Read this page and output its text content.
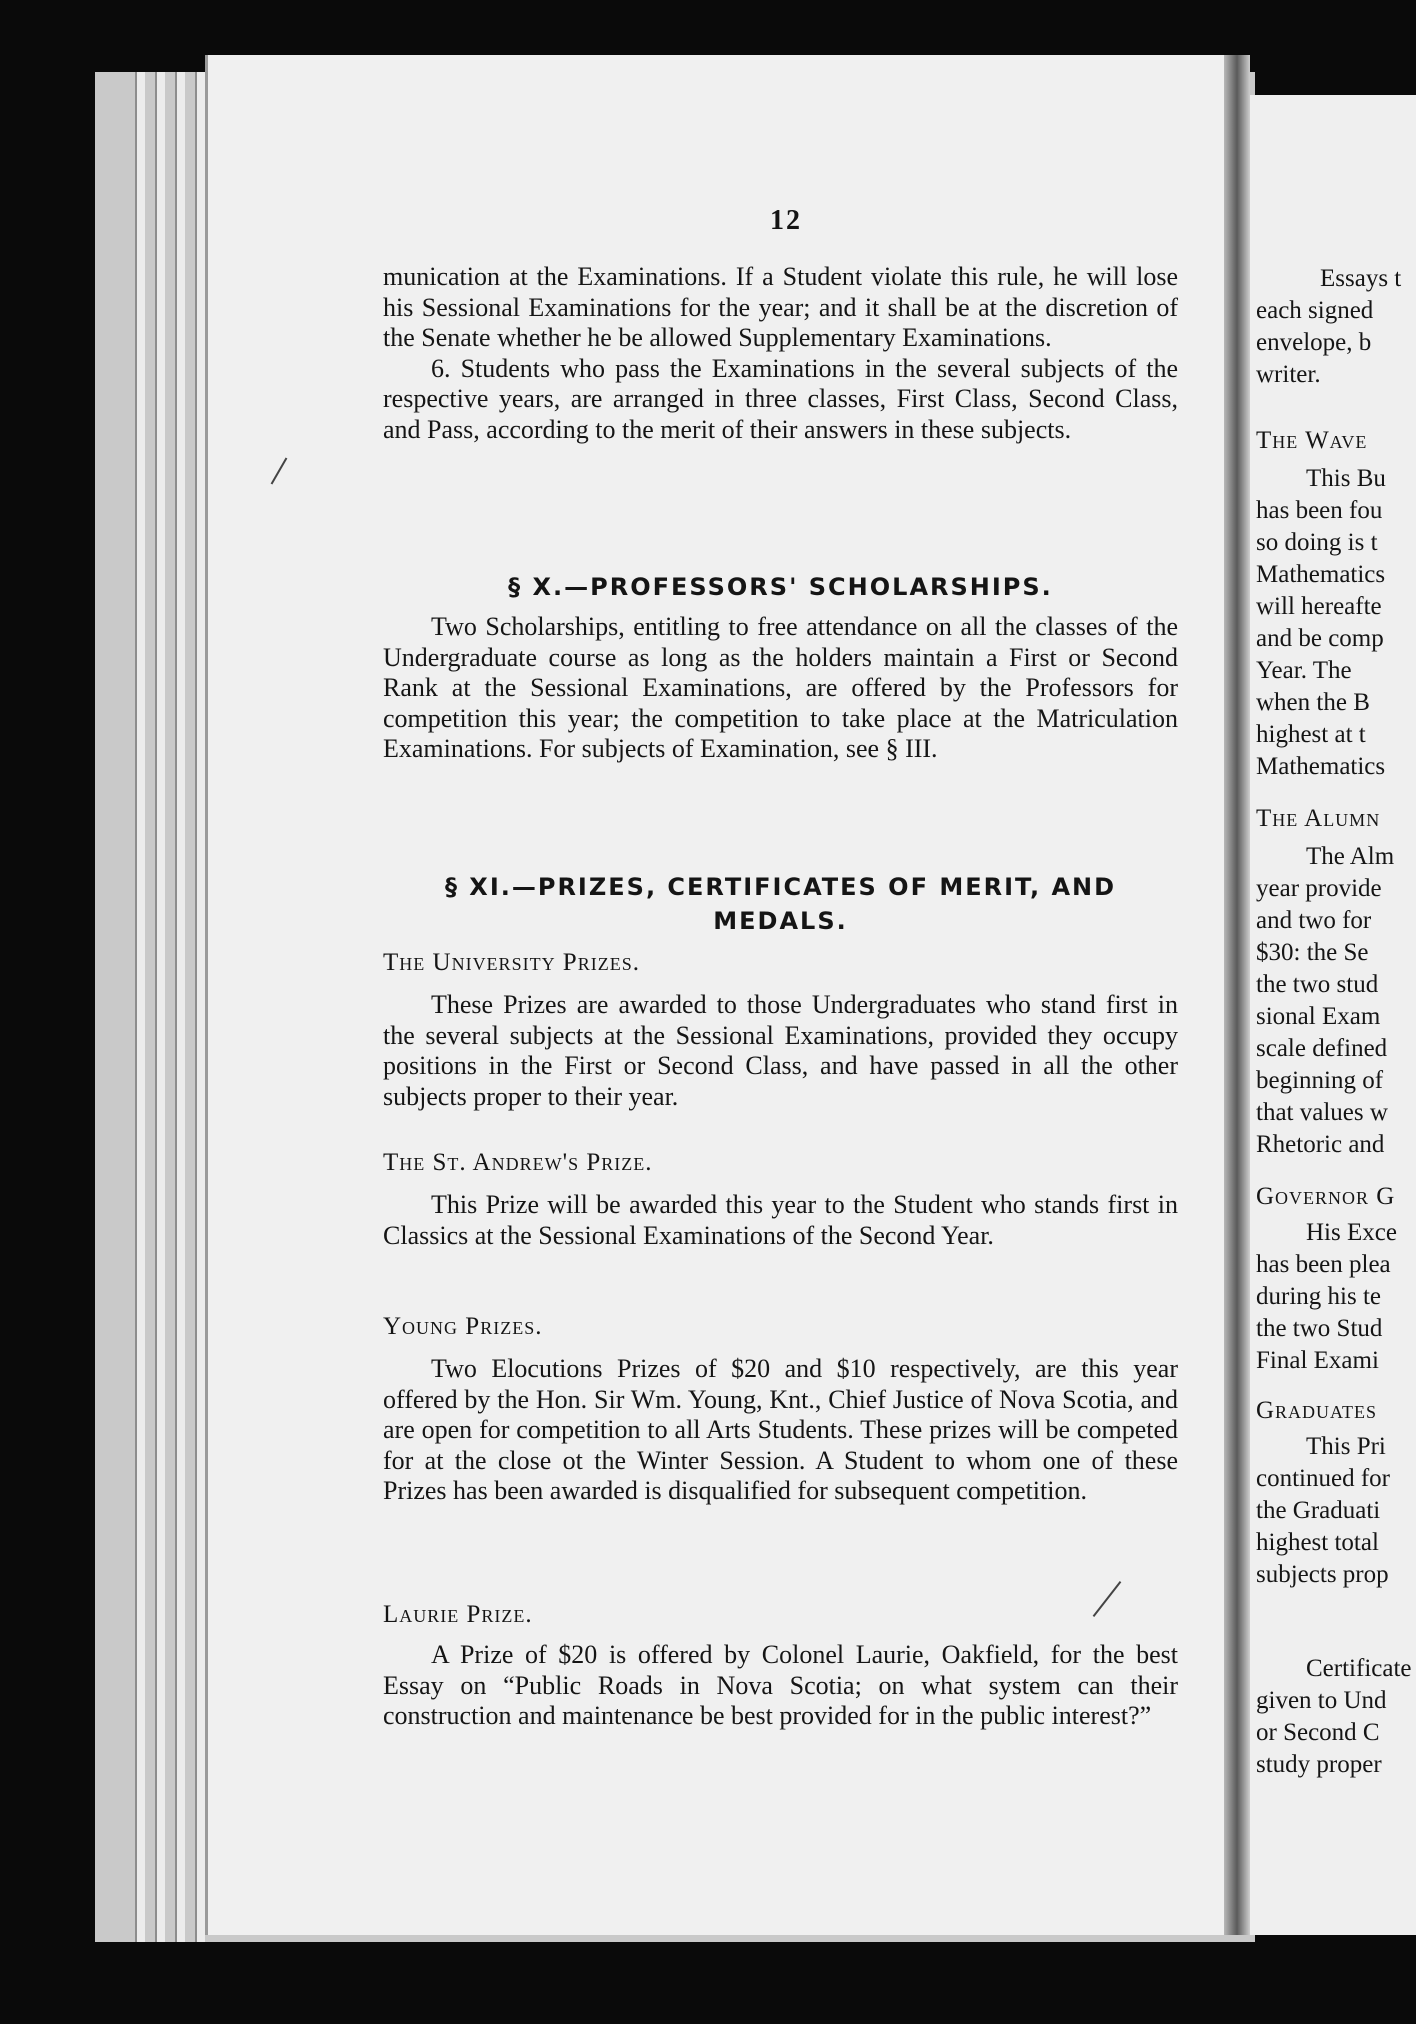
12

munication at the Examinations. If a Student violate this rule, he will lose his Sessional Examinations for the year; and it shall be at the discretion of the Senate whether he be allowed Supplementary Examinations.

6. Students who pass the Examinations in the several subjects of the respective years, are arranged in three classes, First Class, Second Class, and Pass, according to the merit of their answers in these subjects.

§ X.—PROFESSORS' SCHOLARSHIPS.

Two Scholarships, entitling to free attendance on all the classes of the Undergraduate course as long as the holders maintain a First or Second Rank at the Sessional Examinations, are offered by the Professors for competition this year; the competition to take place at the Matriculation Examinations. For subjects of Examination, see § III.

§ XI.—PRIZES, CERTIFICATES OF MERIT, AND MEDALS.
The University Prizes.

These Prizes are awarded to those Undergraduates who stand first in the several subjects at the Sessional Examinations, provided they occupy positions in the First or Second Class, and have passed in all the other subjects proper to their year.

The St. Andrew's Prize.

This Prize will be awarded this year to the Student who stands first in Classics at the Sessional Examinations of the Second Year.

Young Prizes.

Two Elocutions Prizes of $20 and $10 respectively, are this year offered by the Hon. Sir Wm. Young, Knt., Chief Justice of Nova Scotia, and are open for competition to all Arts Students. These prizes will be competed for at the close ot the Winter Session. A Student to whom one of these Prizes has been awarded is disqualified for subsequent competition.

Laurie Prize.

A Prize of $20 is offered by Colonel Laurie, Oakfield, for the best Essay on “Public Roads in Nova Scotia; on what system can their construction and maintenance be best provided for in the public interest?”

Essays t
each signed
envelope, b
writer.
The Wave
This Bu
has been fou
so doing is t
Mathematics
will hereafte
and be comp
Year. The
when the B
highest at t
Mathematics
The Alumn
The Alm
year provide
and two for
$30: the Se
the two stud
sional Exam
scale defined
beginning of
that values w
Rhetoric and
Governor G
His Exce
has been plea
during his te
the two Stud
Final Exami
Graduates
This Pri
continued for
the Graduati
highest total
subjects prop
Certificate
given to Und
or Second C
study proper
